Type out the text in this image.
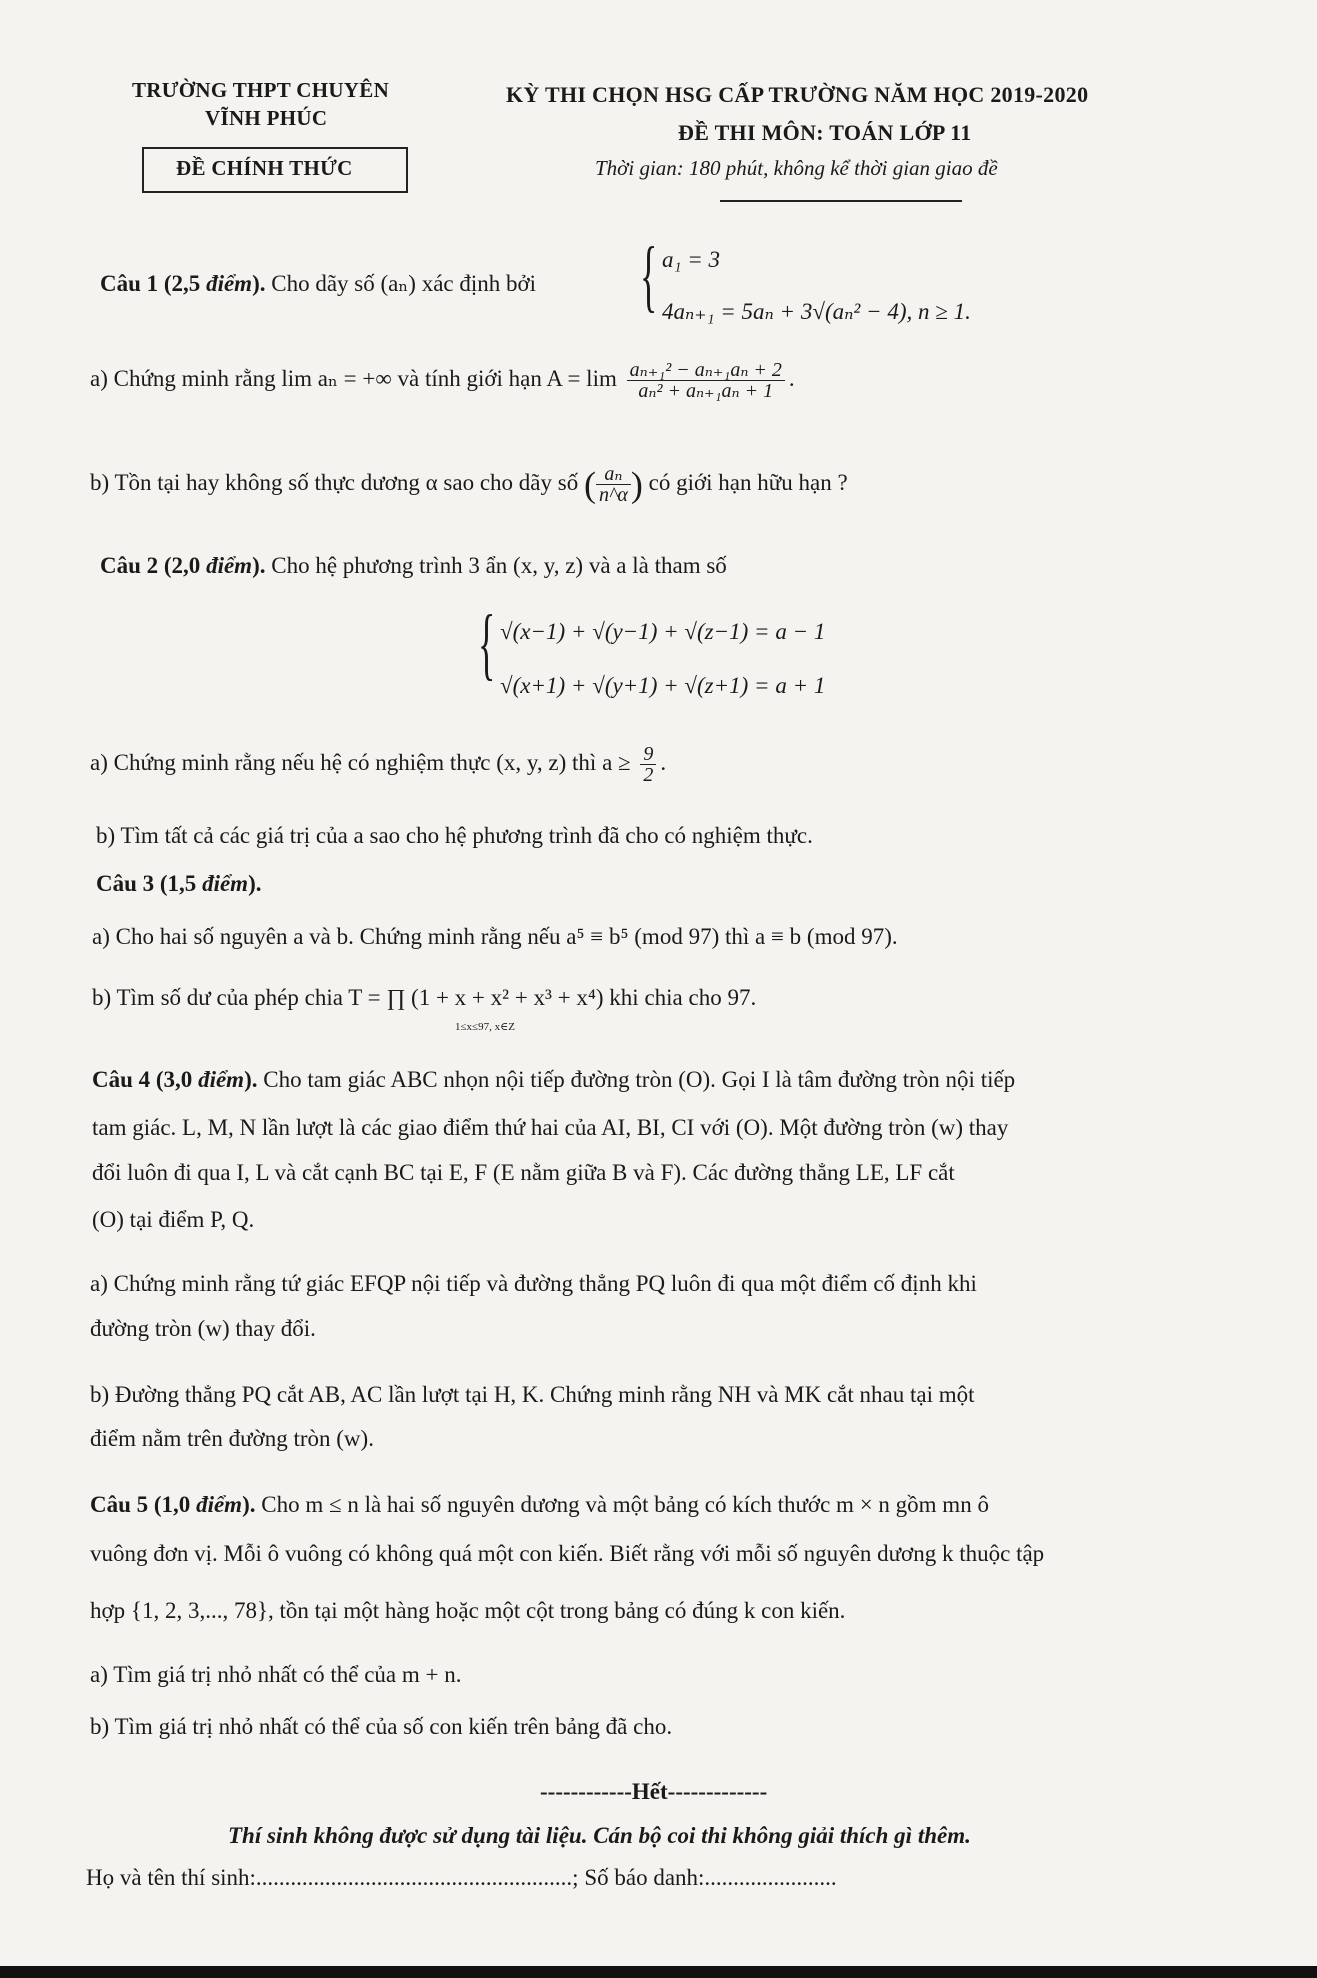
TRƯỜNG THPT CHUYÊN
VĨNH PHÚC
ĐỀ CHÍNH THỨC
KỲ THI CHỌN HSG CẤP TRƯỜNG NĂM HỌC 2019-2020
ĐỀ THI MÔN: TOÁN LỚP 11
Thời gian: 180 phút, không kể thời gian giao đề
Câu 1 (2,5 điểm). Cho dãy số (aₙ) xác định bởi { a₁ = 3
4aₙ₊₁ = 5aₙ + 3√(aₙ² − 4), n ≥ 1.
a) Chứng minh rằng lim aₙ = +∞ và tính giới hạn $A = \lim \frac{\text{aₙ₊₁² − aₙ₊₁aₙ + 2}}{\text{aₙ² + aₙ₊₁aₙ + 1}}$ .
b) Tồn tại hay không số thực dương α sao cho dãy số ( $\frac{\text{aₙ}}{n\^{}\alpha}$ ) có giới hạn hữu hạn ?
Câu 2 (2,0 điểm). Cho hệ phương trình 3 ẩn (x, y, z) và a là tham số
{ √(x−1) + √(y−1) + √(z−1) = a − 1
√(x+1) + √(y+1) + √(z+1) = a + 1
a) Chứng minh rằng nếu hệ có nghiệm thực (x, y, z) thì $a \ge \frac{9}{2}$ .
b) Tìm tất cả các giá trị của a sao cho hệ phương trình đã cho có nghiệm thực.
Câu 3 (1,5 điểm).
a) Cho hai số nguyên a và b. Chứng minh rằng nếu a⁵ ≡ b⁵ (mod 97) thì a ≡ b (mod 97).
b) Tìm số dư của phép chia T = ∏ (1 + x + x² + x³ + x⁴) khi chia cho 97.
1≤x≤97, x∈Z
Câu 4 (3,0 điểm). Cho tam giác ABC nhọn nội tiếp đường tròn (O). Gọi I là tâm đường tròn nội tiếp
tam giác. L, M, N lần lượt là các giao điểm thứ hai của AI, BI, CI với (O). Một đường tròn (w) thay
đổi luôn đi qua I, L và cắt cạnh BC tại E, F (E nằm giữa B và F). Các đường thẳng LE, LF cắt
(O) tại điểm P, Q.
a) Chứng minh rằng tứ giác EFQP nội tiếp và đường thẳng PQ luôn đi qua một điểm cố định khi
đường tròn (w) thay đổi.
b) Đường thẳng PQ cắt AB, AC lần lượt tại H, K. Chứng minh rằng NH và MK cắt nhau tại một
điểm nằm trên đường tròn (w).
Câu 5 (1,0 điểm). Cho m ≤ n là hai số nguyên dương và một bảng có kích thước m × n gồm mn ô
vuông đơn vị. Mỗi ô vuông có không quá một con kiến. Biết rằng với mỗi số nguyên dương k thuộc tập
hợp {1, 2, 3,..., 78}, tồn tại một hàng hoặc một cột trong bảng có đúng k con kiến.
a) Tìm giá trị nhỏ nhất có thể của m + n.
b) Tìm giá trị nhỏ nhất có thể của số con kiến trên bảng đã cho.
------------Hết-------------
Thí sinh không được sử dụng tài liệu. Cán bộ coi thi không giải thích gì thêm.
Họ và tên thí sinh:.......................................................; Số báo danh:.......................
